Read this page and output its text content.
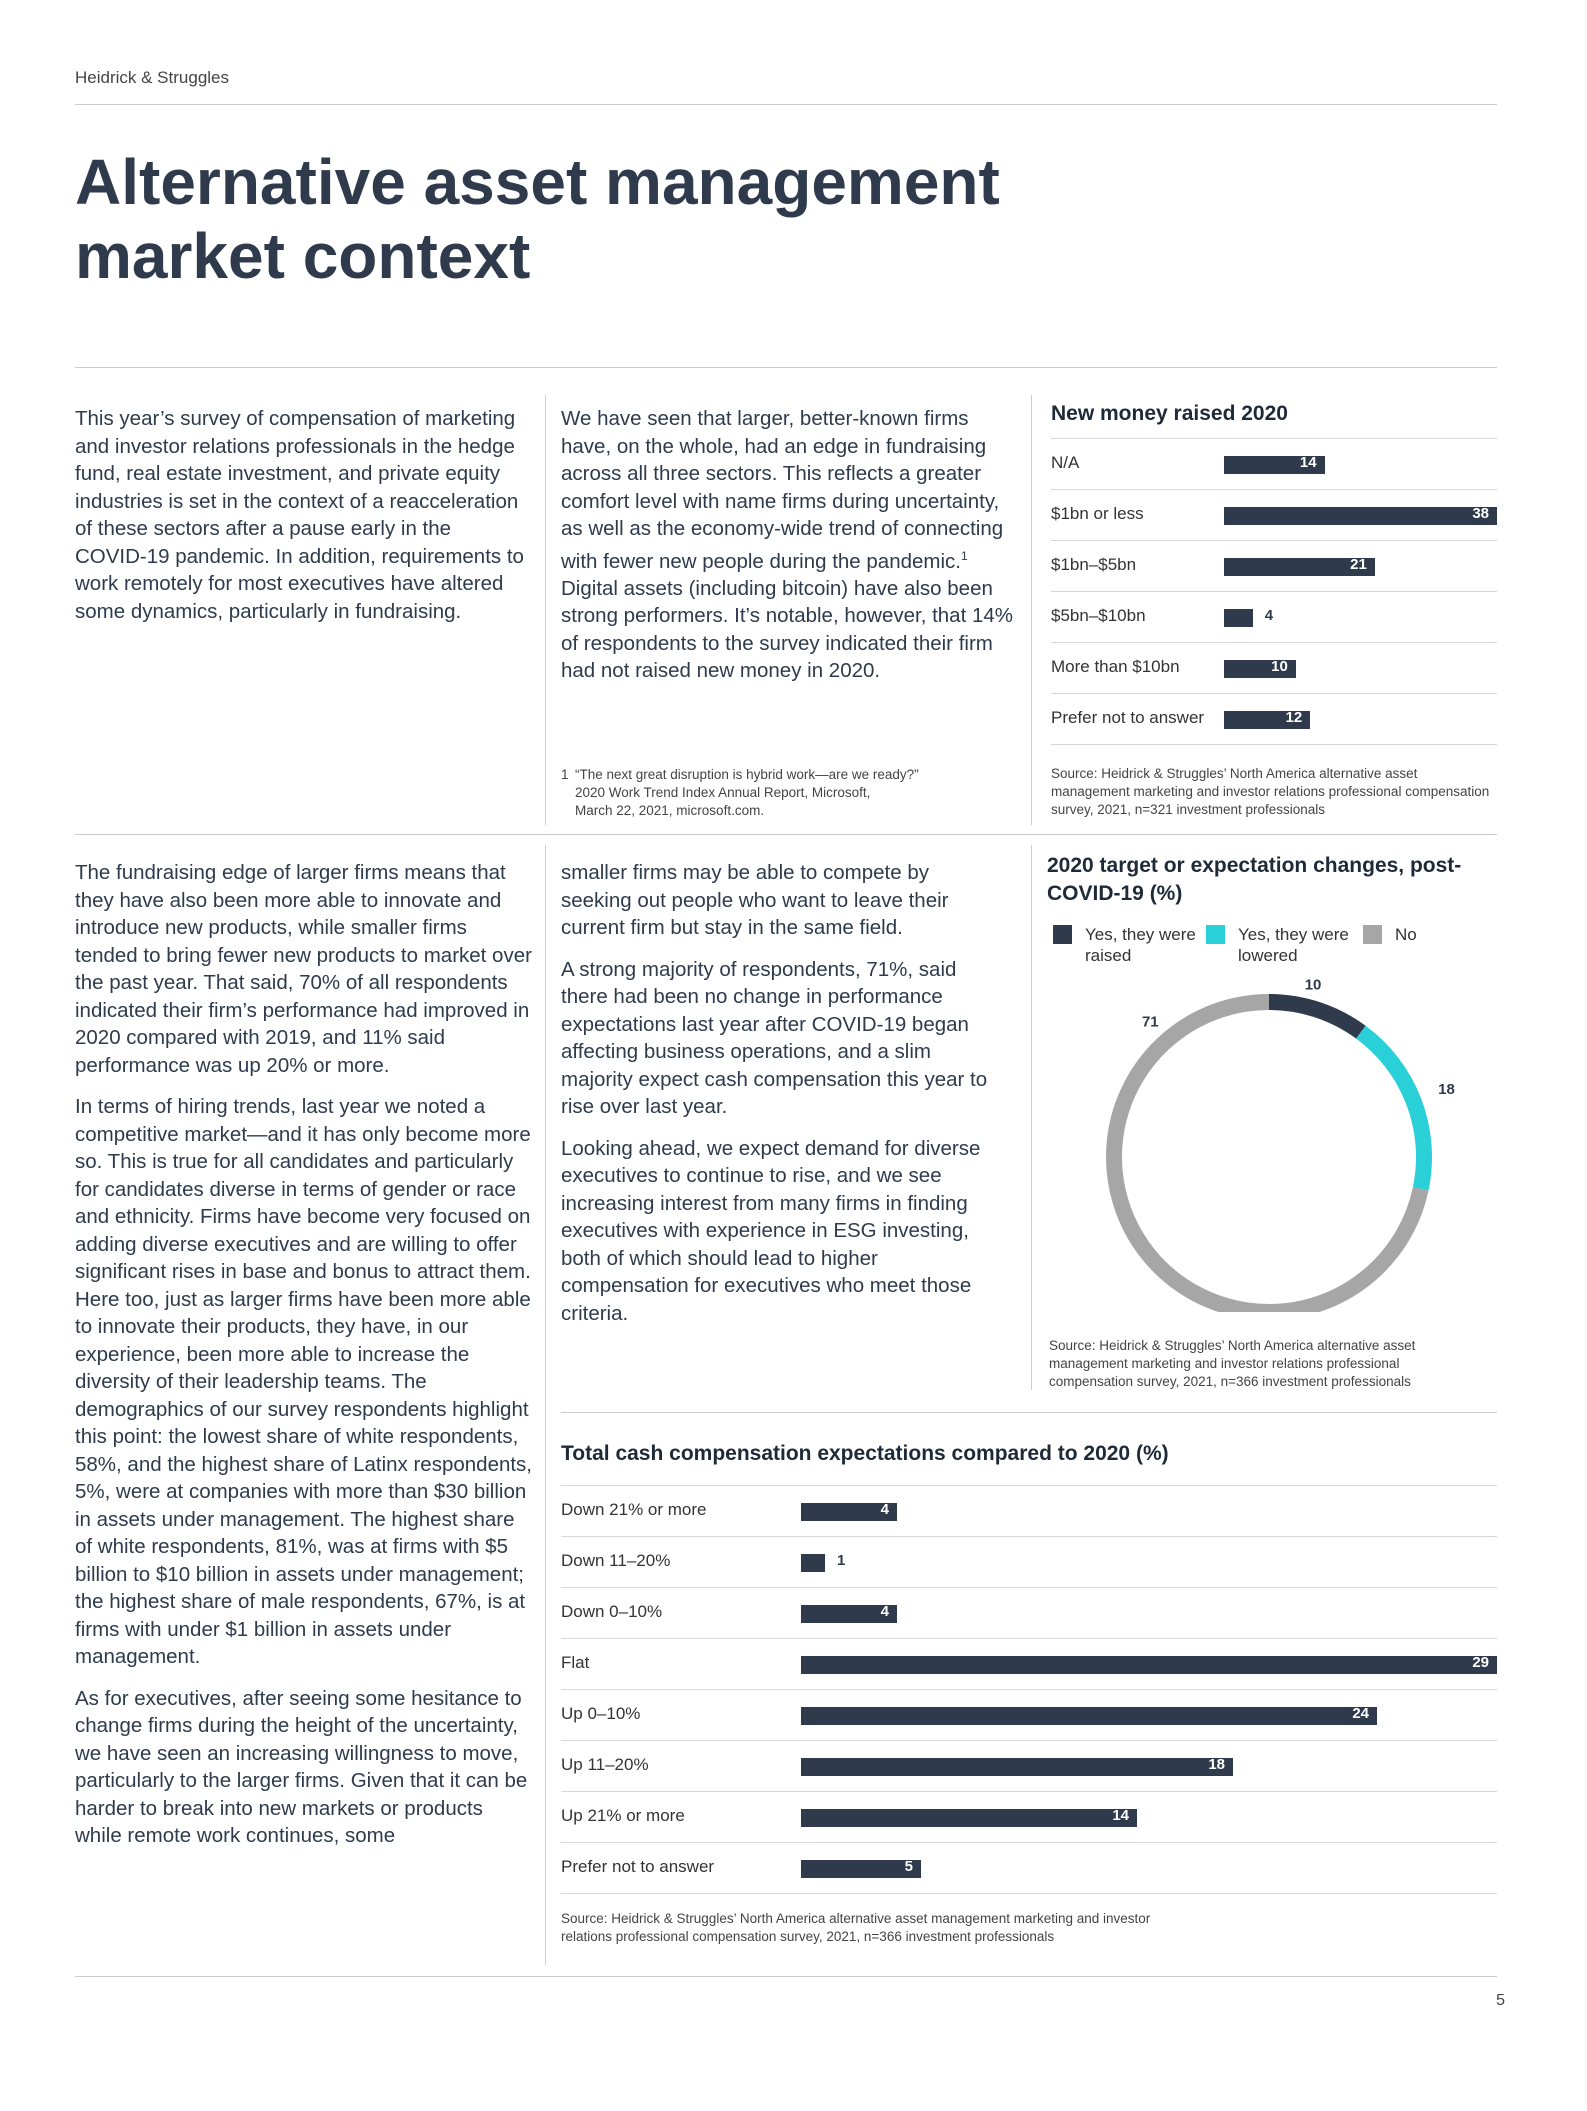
Heidrick & Struggles
Alternative asset management
market context

This year’s survey of compensation of marketing and investor relations professionals in the hedge fund, real estate investment, and private equity industries is set in the context of a reacceleration of these sectors after a pause early in the COVID-19 pandemic. In addition, requirements to work remotely for most executives have altered some dynamics, particularly in fundraising.

We have seen that larger, better-known firms have, on the whole, had an edge in fundraising across all three sectors. This reflects a greater comfort level with name firms during uncertainty, as well as the economy-wide trend of connecting with fewer new people during the pandemic.$^1$ Digital assets (including bitcoin) have also been strong performers. It’s notable, however, that 14% of respondents to the survey indicated their firm had not raised new money in 2020.

1 “The next great disruption is hybrid work—are we ready?”
2020 Work Trend Index Annual Report, Microsoft,
March 22, 2021, microsoft.com.
New money raised 2020
N/A	14
$1bn or less	38
$1bn–$5bn	21
$5bn–$10bn	4
More than $10bn	10
Prefer not to answer	12
Source: Heidrick & Struggles’ North America alternative asset management marketing and investor relations professional compensation survey, 2021, n=321 investment professionals

The fundraising edge of larger firms means that they have also been more able to innovate and introduce new products, while smaller firms tended to bring fewer new products to market over the past year. That said, 70% of all respondents indicated their firm’s performance had improved in 2020 compared with 2019, and 11% said performance was up 20% or more.

In terms of hiring trends, last year we noted a competitive market—and it has only become more so. This is true for all candidates and particularly for candidates diverse in terms of gender or race and ethnicity. Firms have become very focused on adding diverse executives and are willing to offer significant rises in base and bonus to attract them. Here too, just as larger firms have been more able to innovate their products, they have, in our experience, been more able to increase the diversity of their leadership teams. The demographics of our survey respondents highlight this point: the lowest share of white respondents, 58%, and the highest share of Latinx respondents, 5%, were at companies with more than $30 billion in assets under management. The highest share of white respondents, 81%, was at firms with $5 billion to $10 billion in assets under management; the highest share of male respondents, 67%, is at firms with under $1 billion in assets under management.

As for executives, after seeing some hesitance to change firms during the height of the uncertainty, we have seen an increasing willingness to move, particularly to the larger firms. Given that it can be harder to break into new markets or products while remote work continues, some

smaller firms may be able to compete by seeking out people who want to leave their current firm but stay in the same field.

A strong majority of respondents, 71%, said there had been no change in performance expectations last year after COVID-19 began affecting business operations, and a slim majority expect cash compensation this year to rise over last year.

Looking ahead, we expect demand for diverse executives to continue to rise, and we see increasing interest from many firms in finding executives with experience in ESG investing, both of which should lead to higher compensation for executives who meet those criteria.

2020 target or expectation changes, post-COVID-19 (%)
Yes, they were raised
Yes, they were lowered
No
10
18
71
Source: Heidrick & Struggles’ North America alternative asset management marketing and investor relations professional compensation survey, 2021, n=366 investment professionals
Total cash compensation expectations compared to 2020 (%)
Down 21% or more	4
Down 11–20%	1
Down 0–10%	4
Flat	29
Up 0–10%	24
Up 11–20%	18
Up 21% or more	14
Prefer not to answer	5
Source: Heidrick & Struggles’ North America alternative asset management marketing and investor relations professional compensation survey, 2021, n=366 investment professionals
5
